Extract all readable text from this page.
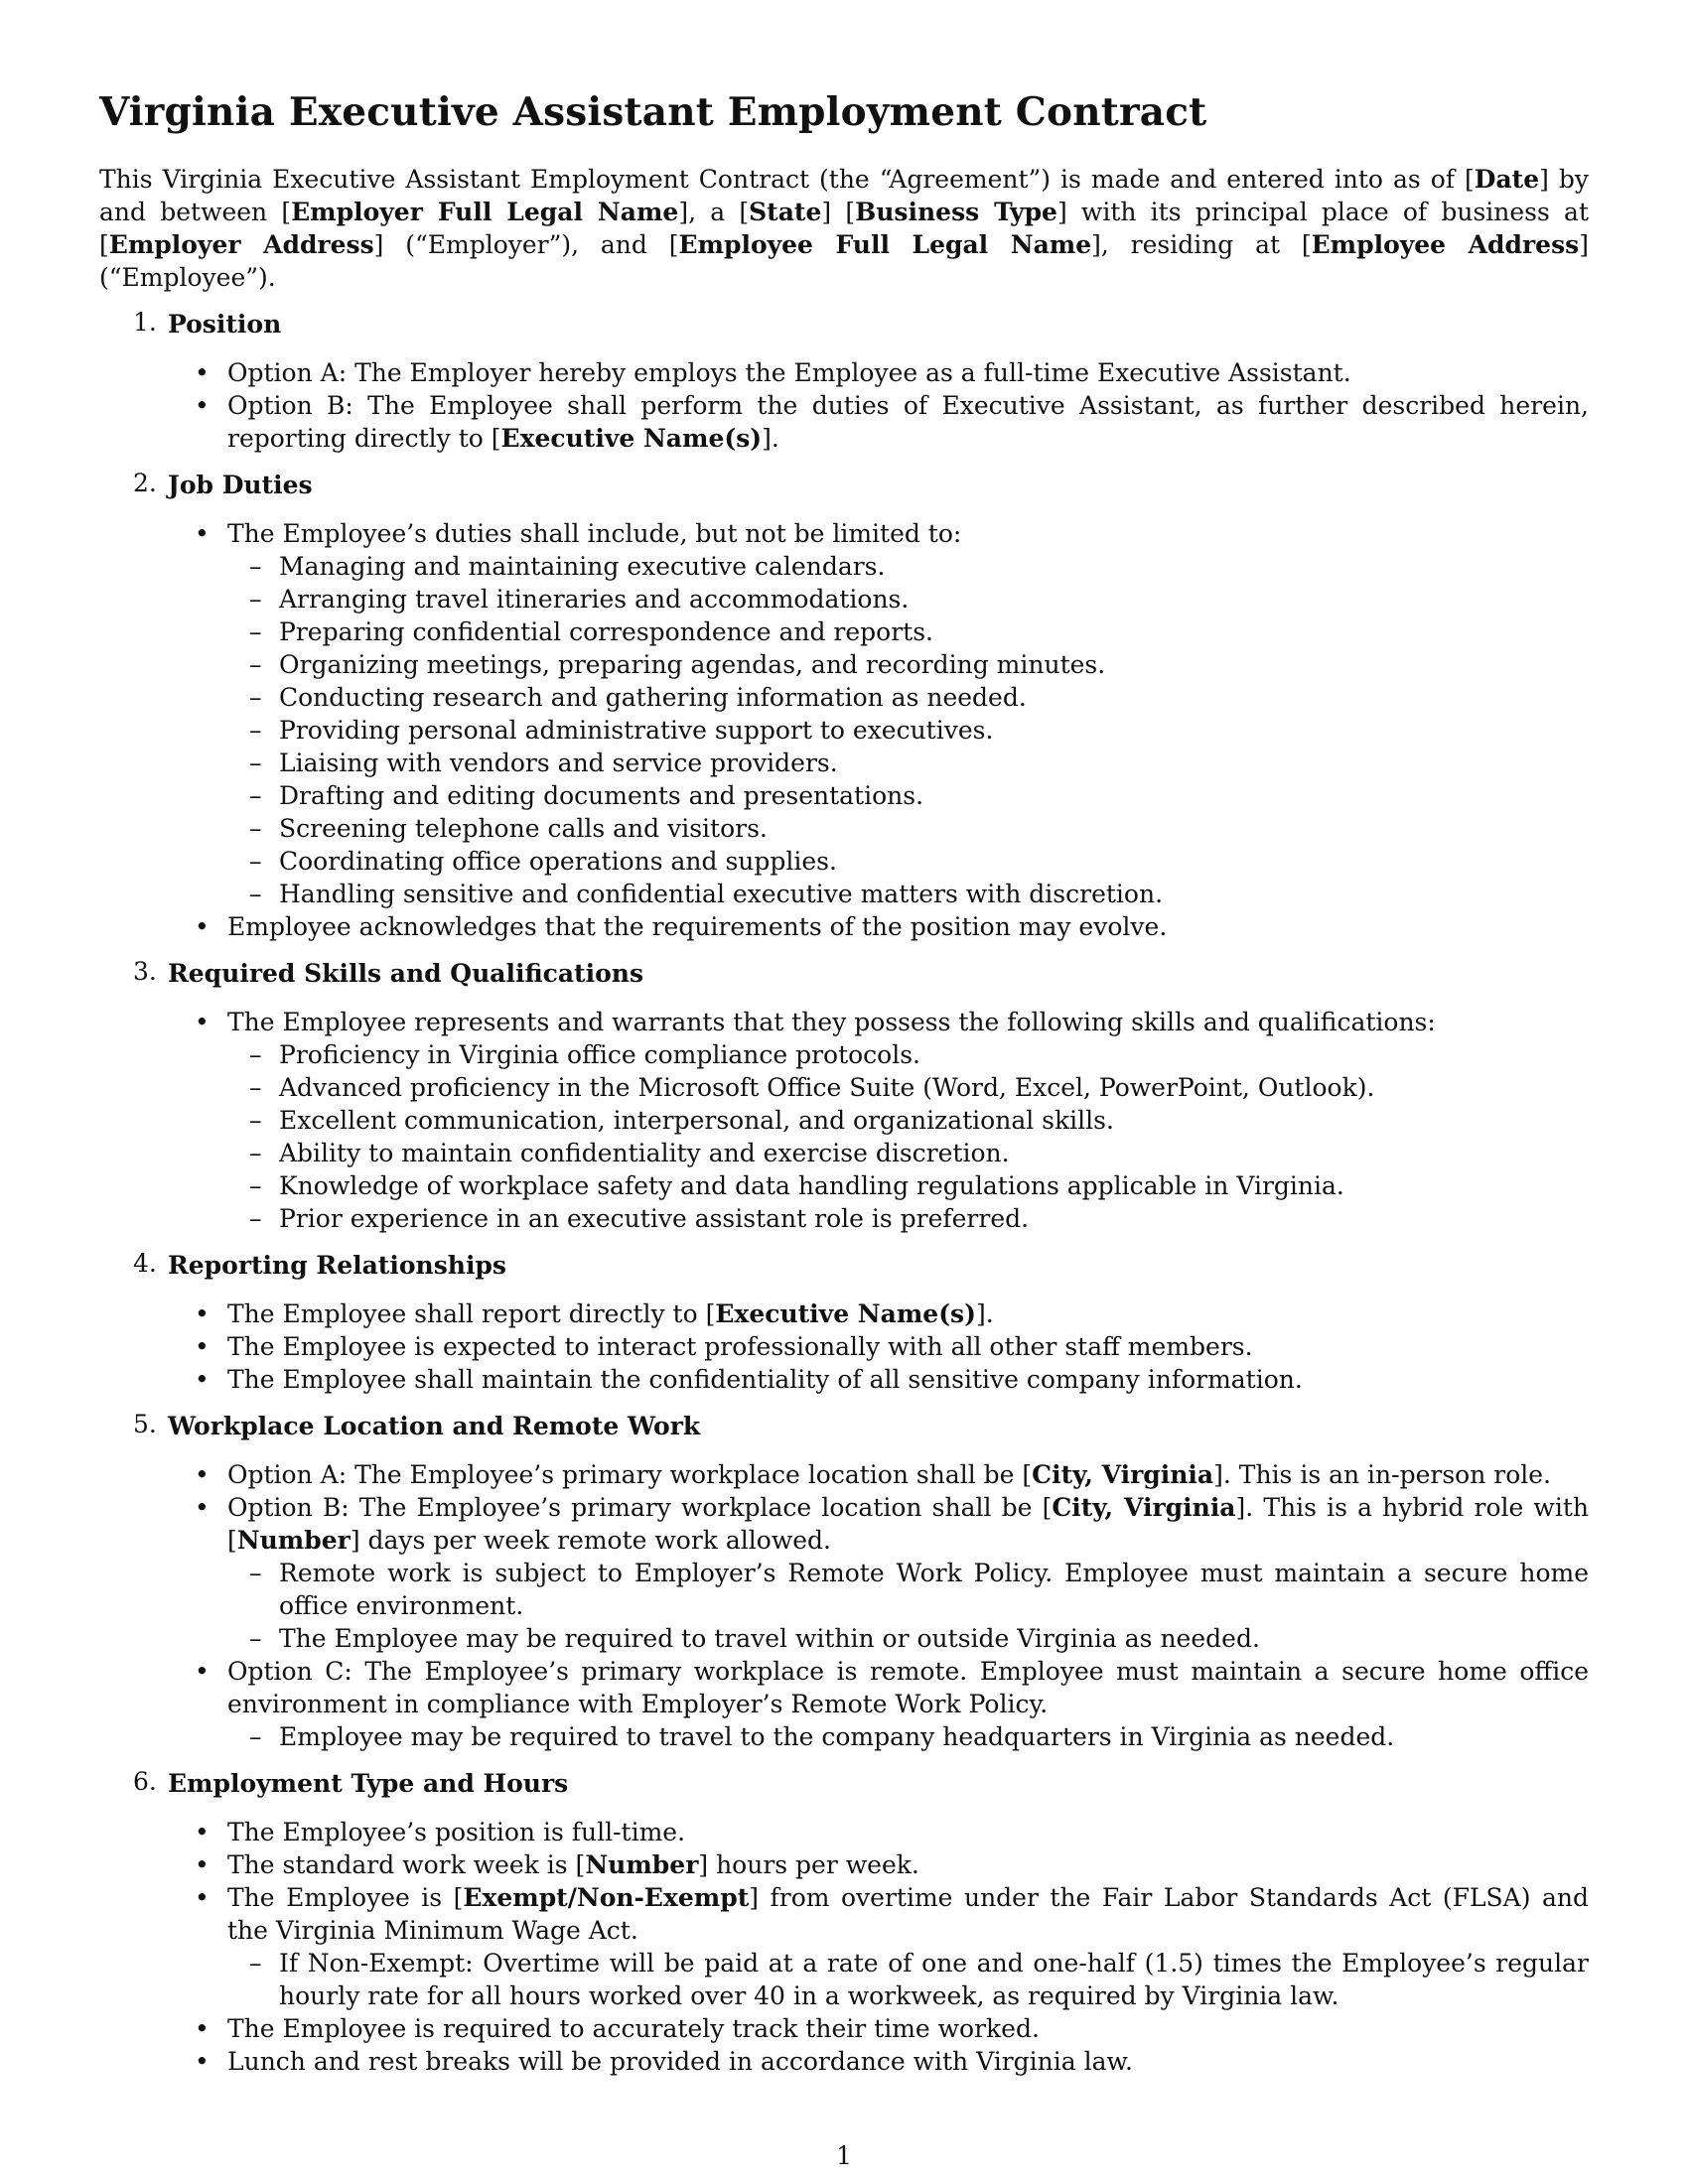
Virginia Executive Assistant Employment Contract

This Virginia Executive Assistant Employment Contract (the “Agreement”) is made and entered into as of [Date] by and between [Employer Full Legal Name], a [State] [Business Type] with its principal place of business at [Employer Address] (“Employer”), and [Employee Full Legal Name], residing at [Employee Address] (“Employee”).

1. Position
• Option A: The Employer hereby employs the Employee as a full-time Executive Assistant.
• Option B: The Employee shall perform the duties of Executive Assistant, as further described herein, reporting directly to [Executive Name(s)].
2. Job Duties
• The Employee’s duties shall include, but not be limited to:
– Managing and maintaining executive calendars.
– Arranging travel itineraries and accommodations.
– Preparing confidential correspondence and reports.
– Organizing meetings, preparing agendas, and recording minutes.
– Conducting research and gathering information as needed.
– Providing personal administrative support to executives.
– Liaising with vendors and service providers.
– Drafting and editing documents and presentations.
– Screening telephone calls and visitors.
– Coordinating office operations and supplies.
– Handling sensitive and confidential executive matters with discretion.
• Employee acknowledges that the requirements of the position may evolve.
3. Required Skills and Qualifications
• The Employee represents and warrants that they possess the following skills and qualifications:
– Proficiency in Virginia office compliance protocols.
– Advanced proficiency in the Microsoft Office Suite (Word, Excel, PowerPoint, Outlook).
– Excellent communication, interpersonal, and organizational skills.
– Ability to maintain confidentiality and exercise discretion.
– Knowledge of workplace safety and data handling regulations applicable in Virginia.
– Prior experience in an executive assistant role is preferred.
4. Reporting Relationships
• The Employee shall report directly to [Executive Name(s)].
• The Employee is expected to interact professionally with all other staff members.
• The Employee shall maintain the confidentiality of all sensitive company information.
5. Workplace Location and Remote Work
• Option A: The Employee’s primary workplace location shall be [City, Virginia]. This is an in-person role.
• Option B: The Employee’s primary workplace location shall be [City, Virginia]. This is a hybrid role with [Number] days per week remote work allowed.
– Remote work is subject to Employer’s Remote Work Policy. Employee must maintain a secure home office environment.
– The Employee may be required to travel within or outside Virginia as needed.
• Option C: The Employee’s primary workplace is remote. Employee must maintain a secure home office environment in compliance with Employer’s Remote Work Policy.
– Employee may be required to travel to the company headquarters in Virginia as needed.
6. Employment Type and Hours
• The Employee’s position is full-time.
• The standard work week is [Number] hours per week.
• The Employee is [Exempt/Non-Exempt] from overtime under the Fair Labor Standards Act (FLSA) and the Virginia Minimum Wage Act.
– If Non-Exempt: Overtime will be paid at a rate of one and one-half (1.5) times the Employee’s regular hourly rate for all hours worked over 40 in a workweek, as required by Virginia law.
• The Employee is required to accurately track their time worked.
• Lunch and rest breaks will be provided in accordance with Virginia law.
1
